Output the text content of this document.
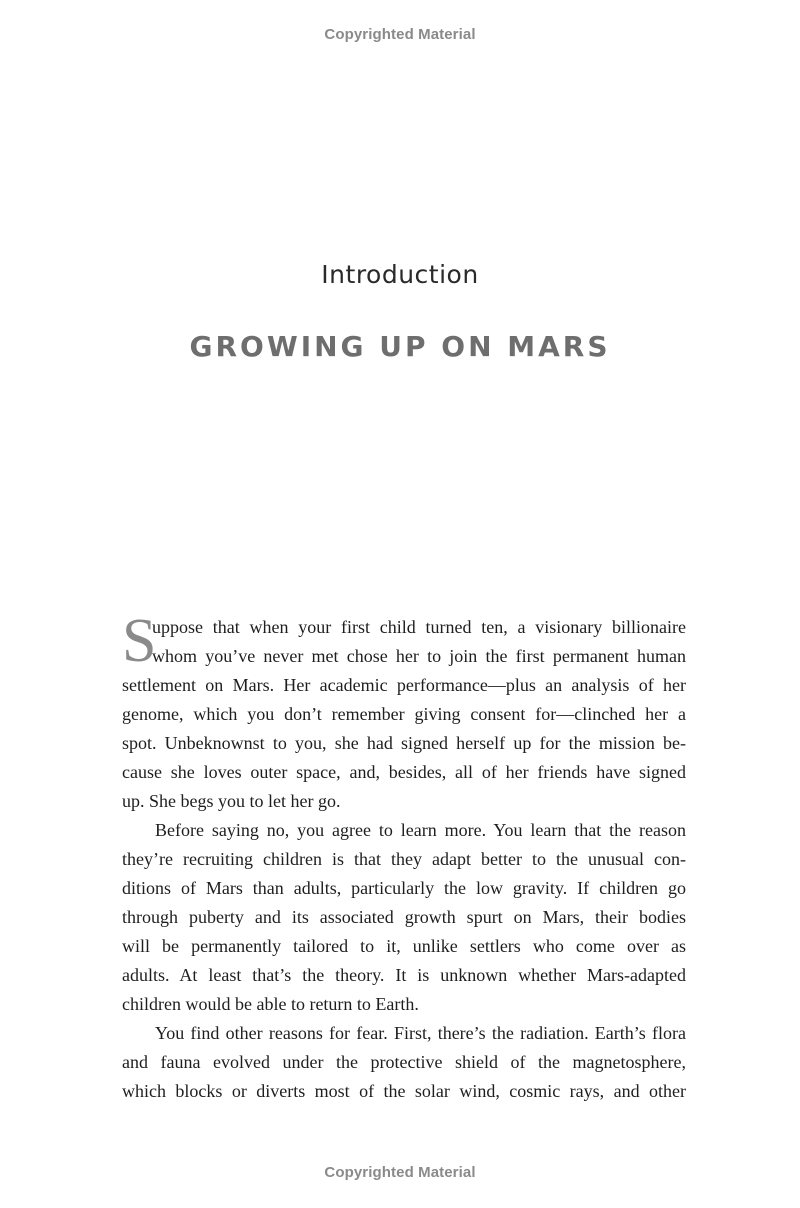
Copyrighted Material
Introduction
GROWING UP ON MARS
S
uppose that when your first child turned ten, a visionary billionaire
whom you’ve never met chose her to join the first permanent human
settlement on Mars. Her academic performance—plus an analysis of her
genome, which you don’t remember giving consent for—clinched her a
spot. Unbeknownst to you, she had signed herself up for the mission be-
cause she loves outer space, and, besides, all of her friends have signed
up. She begs you to let her go.
Before saying no, you agree to learn more. You learn that the reason
they’re recruiting children is that they adapt better to the unusual con-
ditions of Mars than adults, particularly the low gravity. If children go
through puberty and its associated growth spurt on Mars, their bodies
will be permanently tailored to it, unlike settlers who come over as
adults. At least that’s the theory. It is unknown whether Mars-adapted
children would be able to return to Earth.
You find other reasons for fear. First, there’s the radiation. Earth’s flora
and fauna evolved under the protective shield of the magnetosphere,
which blocks or diverts most of the solar wind, cosmic rays, and other
Copyrighted Material
